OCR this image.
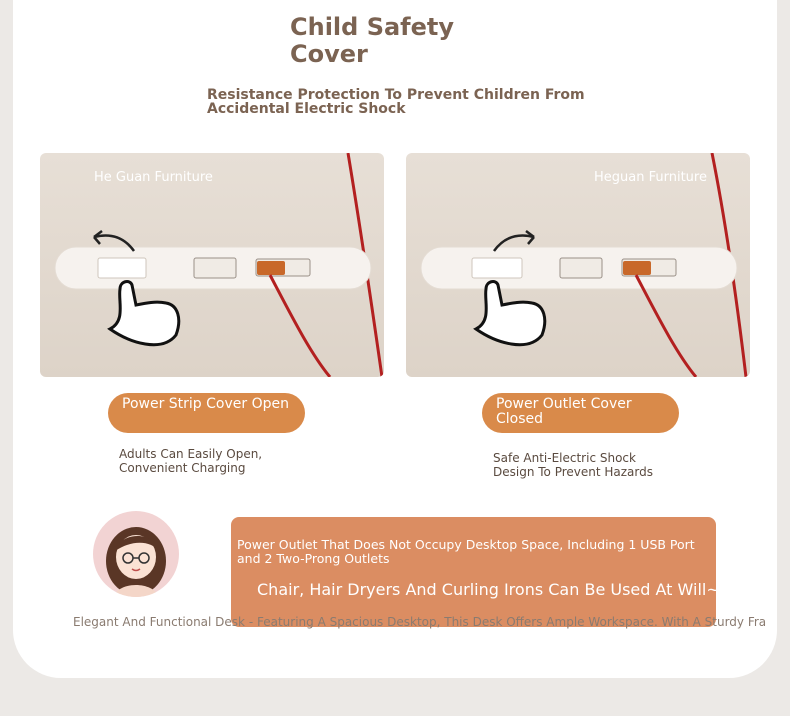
Child Safety Cover
Resistance Protection To Prevent Children From Accidental Electric Shock
He Guan Furniture
Power Strip Cover Open
Adults Can Easily Open,
Convenient Charging
Heguan Furniture
Power Outlet Cover Closed
Safe Anti-Electric Shock
Design To Prevent Hazards
Power Outlet That Does Not Occupy Desktop Space, Including 1 USB Port and 2 Two-Prong Outlets
Chair, Hair Dryers And Curling Irons Can Be Used At Will~
Elegant And Functional Desk - Featuring A Spacious Desktop, This Desk Offers Ample Workspace. With A Sturdy Fra
